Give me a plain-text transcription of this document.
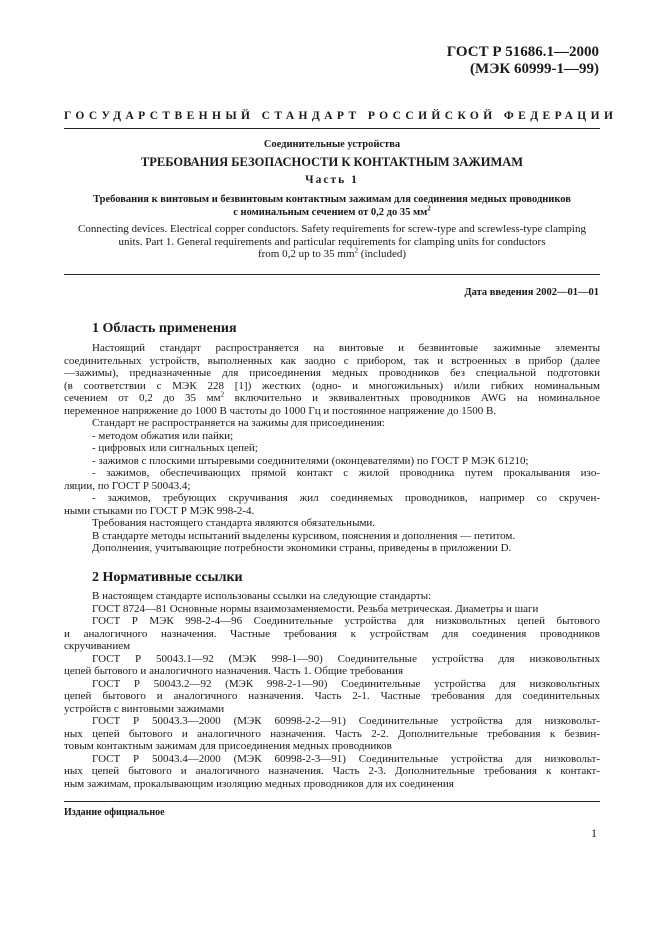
ГОСТ Р 51686.1—2000
(МЭК 60999-1—99)
ГОСУДАРСТВЕННЫЙ СТАНДАРТ РОССИЙСКОЙ ФЕДЕРАЦИИ
Соединительные устройства
ТРЕБОВАНИЯ БЕЗОПАСНОСТИ К КОНТАКТНЫМ ЗАЖИМАМ
Часть 1
Требования к винтовым и безвинтовым контактным зажимам для соединения медных проводников
с номинальным сечением от 0,2 до 35 $мм^2$
Connecting devices. Electrical copper conductors. Safety requirements for screw-type and screwless-type clamping
units. Part 1. General requirements and particular requirements for clamping units for conductors
from 0,2 up to 35 $mm^2$ (included)
Дата введения 2002—01—01
1 Область применения

Настоящий стандарт распространяется на винтовые и безвинтовые зажимные элементы

соединительных устройств, выполненных как заодно с прибором, так и встроенных в прибор (далее

—зажимы), предназначенные для присоединения медных проводников без специальной подготовки

(в соответствии с МЭК 228 [1]) жестких (одно- и многожильных) и/или гибких номинальным

сечением от 0,2 до 35 $мм^2$ включительно и эквивалентных проводников AWG на номинальное

переменное напряжение до 1000 В частоты до 1000 Гц и постоянное напряжение до 1500 В.

Стандарт не распространяется на зажимы для присоединения:

- методом обжатия или пайки;

- цифровых или сигнальных цепей;

- зажимов с плоскими штыревыми соединителями (оконцевателями) по ГОСТ Р МЭК 61210;

- зажимов, обеспечивающих прямой контакт с жилой проводника путем прокалывания изо-

ляции, по ГОСТ Р 50043.4;

- зажимов, требующих скручивания жил соединяемых проводников, например со скручен-

ными стыками по ГОСТ Р МЭК 998-2-4.

Требования настоящего стандарта являются обязательными.

В стандарте методы испытаний выделены курсивом, пояснения и дополнения — петитом.

Дополнения, учитывающие потребности экономики страны, приведены в приложении D.

2 Нормативные ссылки

В настоящем стандарте использованы ссылки на следующие стандарты:

ГОСТ 8724—81 Основные нормы взаимозаменяемости. Резьба метрическая. Диаметры и шаги

ГОСТ Р МЭК 998-2-4—96 Соединительные устройства для низковольтных цепей бытового

и аналогичного назначения. Частные требования к устройствам для соединения проводников

скручиванием

ГОСТ Р 50043.1—92 (МЭК 998-1—90) Соединительные устройства для низковольтных

цепей бытового и аналогичного назначения. Часть 1. Общие требования

ГОСТ Р 50043.2—92 (МЭК 998-2-1—90) Соединительные устройства для низковольтных

цепей бытового и аналогичного назначения. Часть 2-1. Частные требования для соединительных

устройств с винтовыми зажимами

ГОСТ Р 50043.3—2000 (МЭК 60998-2-2—91) Соединительные устройства для низковольт-

ных цепей бытового и аналогичного назначения. Часть 2-2. Дополнительные требования к безвин-

товым контактным зажимам для присоединения медных проводников

ГОСТ Р 50043.4—2000 (МЭК 60998-2-3—91) Соединительные устройства для низковольт-

ных цепей бытового и аналогичного назначения. Часть 2-3. Дополнительные требования к контакт-

ным зажимам, прокалывающим изоляцию медных проводников для их соединения

Издание официальное
1
